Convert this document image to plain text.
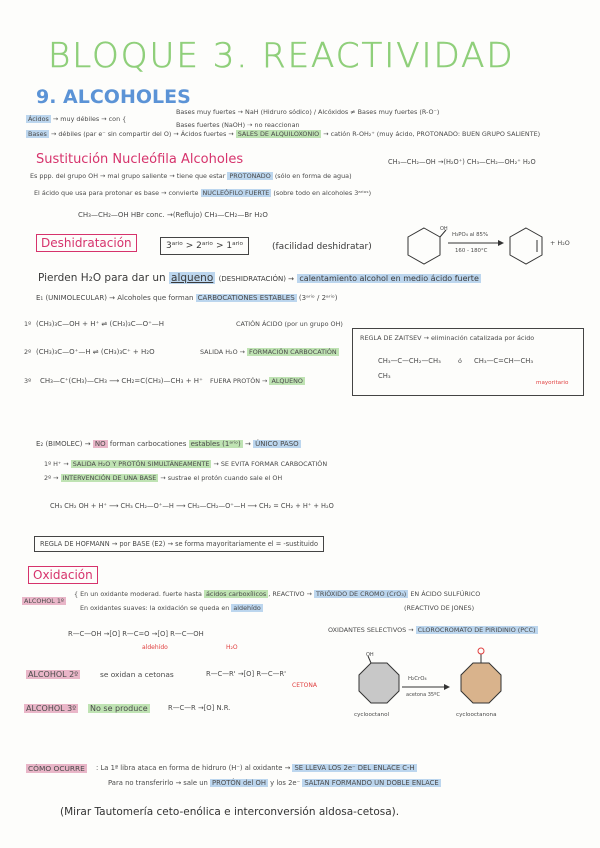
BLOQUE 3. REACTIVIDAD
9. ALCOHOLES
Bases muy fuertes → NaH (Hidruro sódico) / Alcóxidos ≠ Bases muy fuertes (R-O⁻)
Bases fuertes (NaOH) ⇢ no reaccionan
Ácidos → muy débiles → con {
Bases → débiles (par e⁻ sin compartir del O) → Ácidos fuertes → SALES DE ALQUILOXONIO → catión R-OH₂⁺ (muy ácido, PROTONADO: BUEN GRUPO SALIENTE)
Sustitución Nucleófila Alcoholes	CH₃—CH₂—OH →(H₂O⁺) CH₃—CH₂—OH₂⁺ H₂O
Es ppp. del grupo OH → mal grupo saliente → tiene que estar PROTONADO (sólo en forma de agua)
El ácido que usa para protonar es base → convierte NUCLEÓFILO FUERTE (sobre todo en alcoholes 3ᵃʳⁱᵒˢ)
CH₃—CH₂—OH HBr conc. →(Reflujo) CH₃—CH₂—Br H₂O
Deshidratación	3ᵃʳⁱᵒ > 2ᵃʳⁱᵒ > 1ᵃʳⁱᵒ	(facilidad deshidratar)
OH
H₃PO₄ al 85%
160 - 180°C
+ H₂O
Pierden H₂O para dar un alqueno (DESHIDRATACIÓN) → calentamiento alcohol en medio ácido fuerte
E₁ (UNIMOLECULAR) → Alcoholes que forman CARBOCATIONES ESTABLES (3ᵃʳⁱᵒ / 2ᵃʳⁱᵒ)
1º (CH₃)₃C—OH + H⁺ ⇌ (CH₃)₃C—O⁺—H	CATIÓN ÁCIDO (por un grupo OH)
2º (CH₃)₃C—O⁺—H ⇌ (CH₃)₃C⁺ + H₂O	SALIDA H₂O → FORMACIÓN CARBOCATIÓN
3º CH₃—C⁺(CH₃)—CH₃ ⟶ CH₂=C(CH₃)—CH₃ + H⁺ FUERA PROTÓN → ALQUENO
REGLA DE ZAITSEV → eliminación catalizada por ácido
CH₃—C—CH₂—CH₃
CH₃
ó CH₃—C=CH—CH₃
mayoritario
E₂ (BIMOLEC) → NO forman carbocationes estables (1ᵃʳⁱᵒ) → ÚNICO PASO
1º H⁺ → SALIDA H₂O Y PROTÓN SIMULTÁNEAMENTE → SE EVITA FORMAR CARBOCATIÓN
2º → INTERVENCIÓN DE UNA BASE → sustrae el protón cuando sale el OH
CH₃ CH₂ OH + H⁺ ⟶ CH₃ CH₂—O⁺—H ⟶ CH₂—CH₂—O⁺—H ⟶ CH₂ = CH₂ + H⁺ + H₂O
REGLA DE HOFMANN → por BASE (E2) → se forma mayoritariamente el = -sustituido
Oxidación
ALCOHOL 1º
{ En un oxidante moderad. fuerte hasta ácidos carboxílicos , REACTIVO → TRIÓXIDO DE CROMO (CrO₃) EN ÁCIDO SULFÚRICO
En oxidantes suaves: la oxidación se queda en aldehído	(REACTIVO DE JONES)
OXIDANTES SELECTIVOS → CLOROCROMATO DE PIRIDINIO (PCC)
R—C—OH →[O] R—C=O →[O] R—C—OH
aldehído	H₂O
ALCOHOL 2º	se oxidan a cetonas	R—C—R' →[O] R—C—R'
CETONA
ALCOHOL 3º No se produce	R—C—R →[O] N.R.
OH
cyclooctanol
H₂CrO₄
acetona 35ºC
cyclooctanona
CÓMO OCURRE : La 1ª libra ataca en forma de hidruro (H⁻) al oxidante → SE LLEVA LOS 2e⁻ DEL ENLACE C-H
Para no transferirlo → sale un PROTÓN del OH y los 2e⁻ SALTAN FORMANDO UN DOBLE ENLACE
(Mirar Tautomería ceto-enólica e interconversión aldosa-cetosa).
